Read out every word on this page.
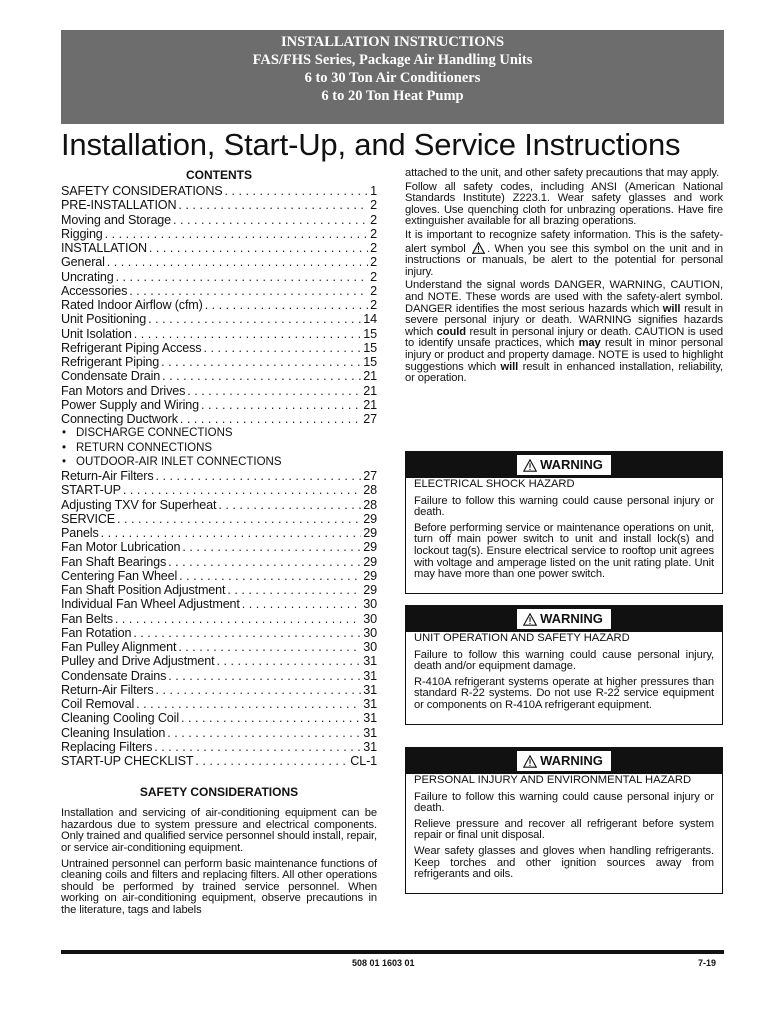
INSTALLATION INSTRUCTIONS
FAS/FHS Series, Package Air Handling Units
6 to 30 Ton Air Conditioners
6 to 20 Ton Heat Pump
Installation, Start-Up, and Service Instructions
CONTENTS
SAFETY CONSIDERATIONS . . .	1
PRE-INSTALLATION . . .	2
Moving and Storage . . .	2
Rigging . . .	2
INSTALLATION . . .	2
General . . .	2
Uncrating . . .	2
Accessories . . .	2
Rated Indoor Airflow (cfm) . . .	2
Unit Positioning . . .	14
Unit Isolation . . .	15
Refrigerant Piping Access . . .	15
Refrigerant Piping . . .	15
Condensate Drain . . .	21
Fan Motors and Drives . . .	21
Power Supply and Wiring . . .	21
Connecting Ductwork . . .	27
• DISCHARGE CONNECTIONS
• RETURN CONNECTIONS
• OUTDOOR-AIR INLET CONNECTIONS
Return-Air Filters . . .	27
START-UP . . .	28
Adjusting TXV for Superheat . . .	28
SERVICE . . .	29
Panels . . .	29
Fan Motor Lubrication . . .	29
Fan Shaft Bearings . . .	29
Centering Fan Wheel . . .	29
Fan Shaft Position Adjustment . . .	29
Individual Fan Wheel Adjustment . . .	30
Fan Belts . . .	30
Fan Rotation . . .	30
Fan Pulley Alignment . . .	30
Pulley and Drive Adjustment . . .	31
Condensate Drains . . .	31
Return-Air Filters . . .	31
Coil Removal . . .	31
Cleaning Cooling Coil . . .	31
Cleaning Insulation . . .	31
Replacing Filters . . .	31
START-UP CHECKLIST . . .	CL-1
SAFETY CONSIDERATIONS

Installation and servicing of air-conditioning equipment can be hazardous due to system pressure and electrical components. Only trained and qualified service personnel should install, repair, or service air-conditioning equipment.

Untrained personnel can perform basic maintenance functions of cleaning coils and filters and replacing filters. All other operations should be performed by trained service personnel. When working on air-conditioning equipment, observe precautions in the literature, tags and labels

attached to the unit, and other safety precautions that may apply.

Follow all safety codes, including ANSI (American National Standards Institute) Z223.1. Wear safety glasses and work gloves. Use quenching cloth for unbrazing operations. Have fire extinguisher available for all brazing operations.

It is important to recognize safety information. This is the safety-alert symbol . When you see this symbol on the unit and in instructions or manuals, be alert to the potential for personal injury.

Understand the signal words DANGER, WARNING, CAUTION, and NOTE. These words are used with the safety-alert symbol. DANGER identifies the most serious hazards which will result in severe personal injury or death. WARNING signifies hazards which could result in personal injury or death. CAUTION is used to identify unsafe practices, which may result in minor personal injury or product and property damage. NOTE is used to highlight suggestions which will result in enhanced installation, reliability, or operation.

WARNING
ELECTRICAL SHOCK HAZARD

Failure to follow this warning could cause personal injury or death.

Before performing service or maintenance operations on unit, turn off main power switch to unit and install lock(s) and lockout tag(s). Ensure electrical service to rooftop unit agrees with voltage and amperage listed on the unit rating plate. Unit may have more than one power switch.

WARNING
UNIT OPERATION AND SAFETY HAZARD

Failure to follow this warning could cause personal injury, death and/or equipment damage.

R-410A refrigerant systems operate at higher pressures than standard R-22 systems. Do not use R-22 service equipment or components on R-410A refrigerant equipment.

WARNING
PERSONAL INJURY AND ENVIRONMENTAL HAZARD

Failure to follow this warning could cause personal injury or death.

Relieve pressure and recover all refrigerant before system repair or final unit disposal.

Wear safety glasses and gloves when handling refrigerants. Keep torches and other ignition sources away from refrigerants and oils.

508 01 1603 01	7-19
